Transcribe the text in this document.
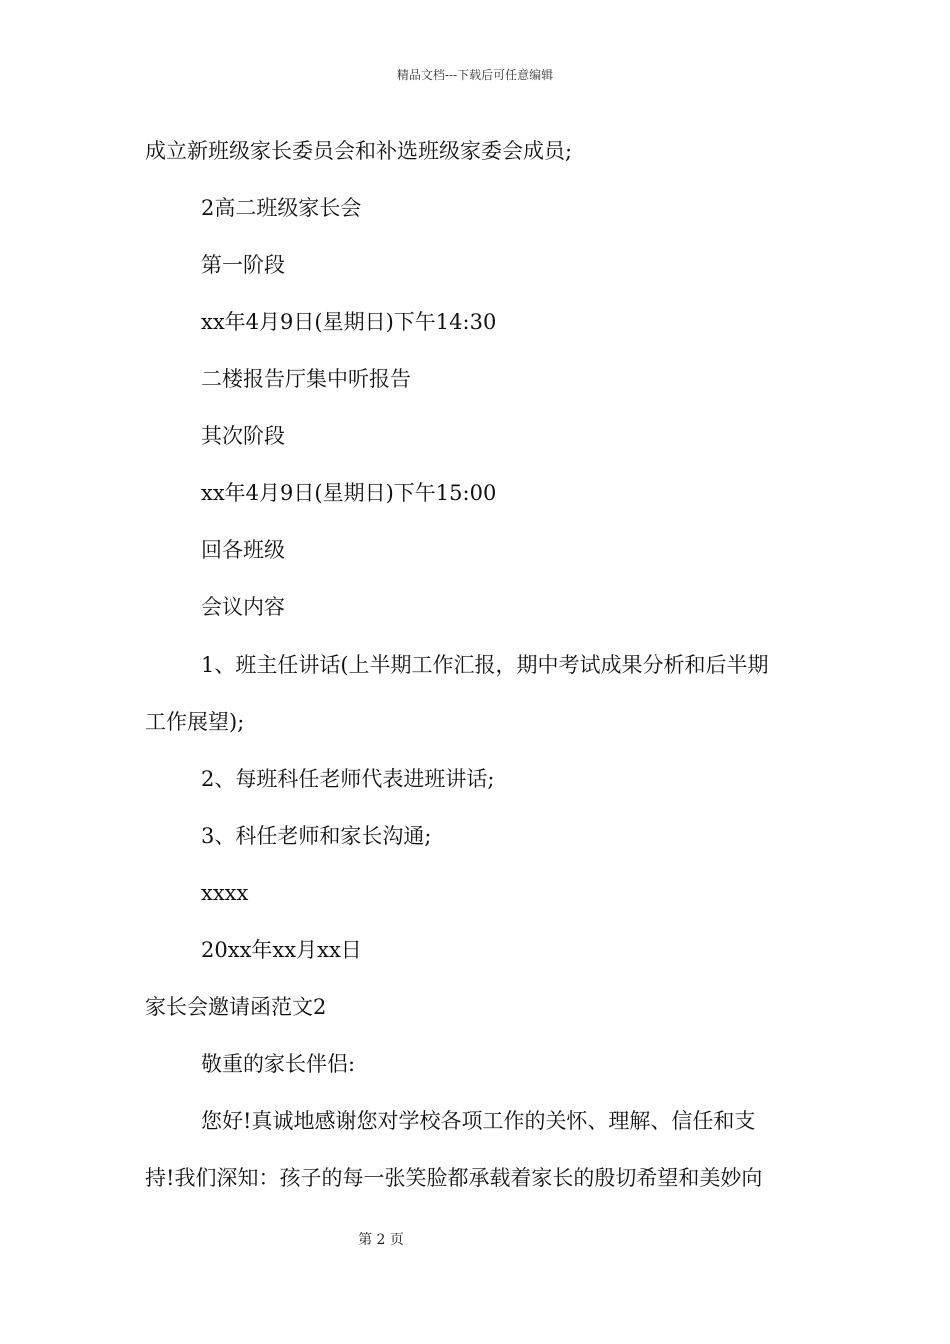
精品文档---下载后可任意编辑
成立新班级家长委员会和补选班级家委会成员;
2高二班级家长会
第一阶段
xx年4月9日(星期日)下午14:30
二楼报告厅集中听报告
其次阶段
xx年4月9日(星期日)下午15:00
回各班级
会议内容
1、班主任讲话(上半期工作汇报，期中考试成果分析和后半期
工作展望);
2、每班科任老师代表进班讲话;
3、科任老师和家长沟通;
xxxx
20xx年xx月xx日
家长会邀请函范文2
敬重的家长伴侣:
您好!真诚地感谢您对学校各项工作的关怀、理解、信任和支
持!我们深知：孩子的每一张笑脸都承载着家长的殷切希望和美妙向
第 2 页
